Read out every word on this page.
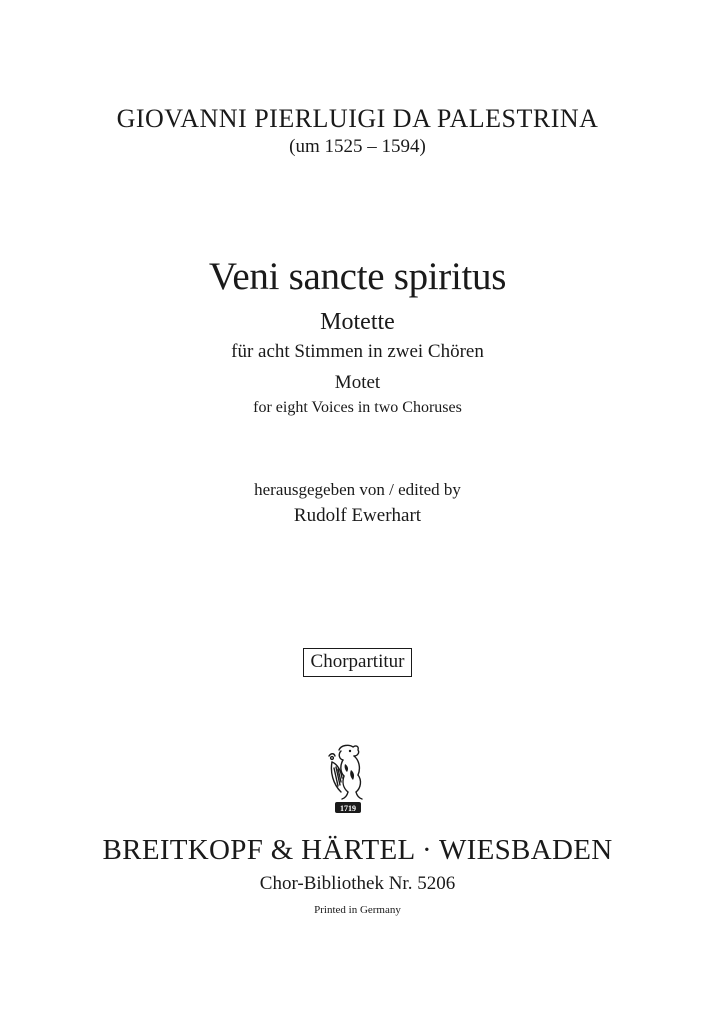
GIOVANNI PIERLUIGI DA PALESTRINA
(um 1525 – 1594)
Veni sancte spiritus
Motette
für acht Stimmen in zwei Chören
Motet
for eight Voices in two Choruses
herausgegeben von / edited by
Rudolf Ewerhart
Chorpartitur
1719
BREITKOPF & HÄRTEL · WIESBADEN
Chor-Bibliothek Nr. 5206
Printed in Germany
